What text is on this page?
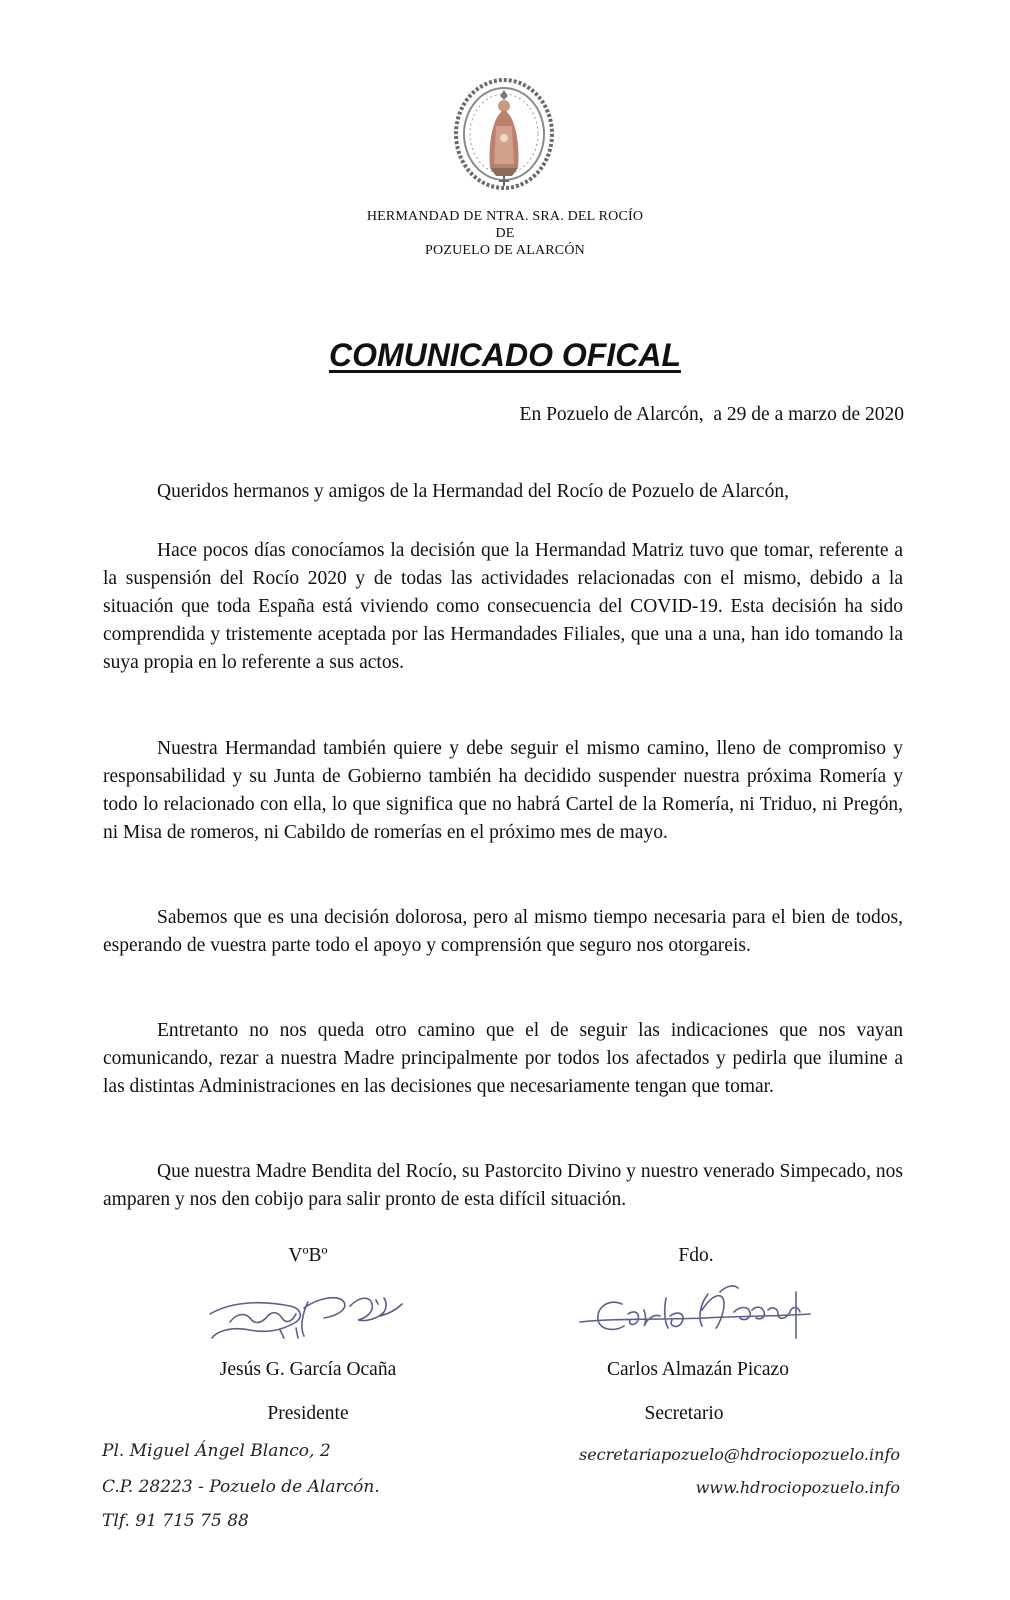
HERMANDAD DE NTRA. SRA. DEL ROCÍO
DE
POZUELO DE ALARCÓN
COMUNICADO OFICAL
En Pozuelo de Alarcón,  a 29 de a marzo de 2020
Queridos hermanos y amigos de la Hermandad del Rocío de Pozuelo de Alarcón,

Hace pocos días conocíamos la decisión que la Hermandad Matriz tuvo que tomar, referente a la suspensión del Rocío 2020 y de todas las actividades relacionadas con el mismo, debido a la situación que toda España está viviendo como consecuencia del COVID-19. Esta decisión ha sido comprendida y tristemente aceptada por las Hermandades Filiales, que una a una, han ido tomando la suya propia en lo referente a sus actos.

Nuestra Hermandad también quiere y debe seguir el mismo camino, lleno de compromiso y responsabilidad y su Junta de Gobierno también ha decidido suspender nuestra próxima Romería y todo lo relacionado con ella, lo que significa que no habrá Cartel de la Romería, ni Triduo, ni Pregón, ni Misa de romeros, ni Cabildo de romerías en el próximo mes de mayo.

Sabemos que es una decisión dolorosa, pero al mismo tiempo necesaria para el bien de todos, esperando de vuestra parte todo el apoyo y comprensión que seguro nos otorgareis.

Entretanto no nos queda otro camino que el de seguir las indicaciones que nos vayan comunicando, rezar a nuestra Madre principalmente por todos los afectados y pedirla que ilumine a las distintas Administraciones en las decisiones que necesariamente tengan que tomar.

Que nuestra Madre Bendita del Rocío, su Pastorcito Divino y nuestro venerado Simpecado, nos amparen y nos den cobijo para salir pronto de esta difícil situación.

VºBº
Jesús G. García Ocaña
Presidente
Fdo.
Carlos Almazán Picazo
Secretario
Pl. Miguel Ángel Blanco, 2
C.P. 28223 - Pozuelo de Alarcón.
Tlf. 91 715 75 88
secretariapozuelo@hdrociopozuelo.info
www.hdrociopozuelo.info
